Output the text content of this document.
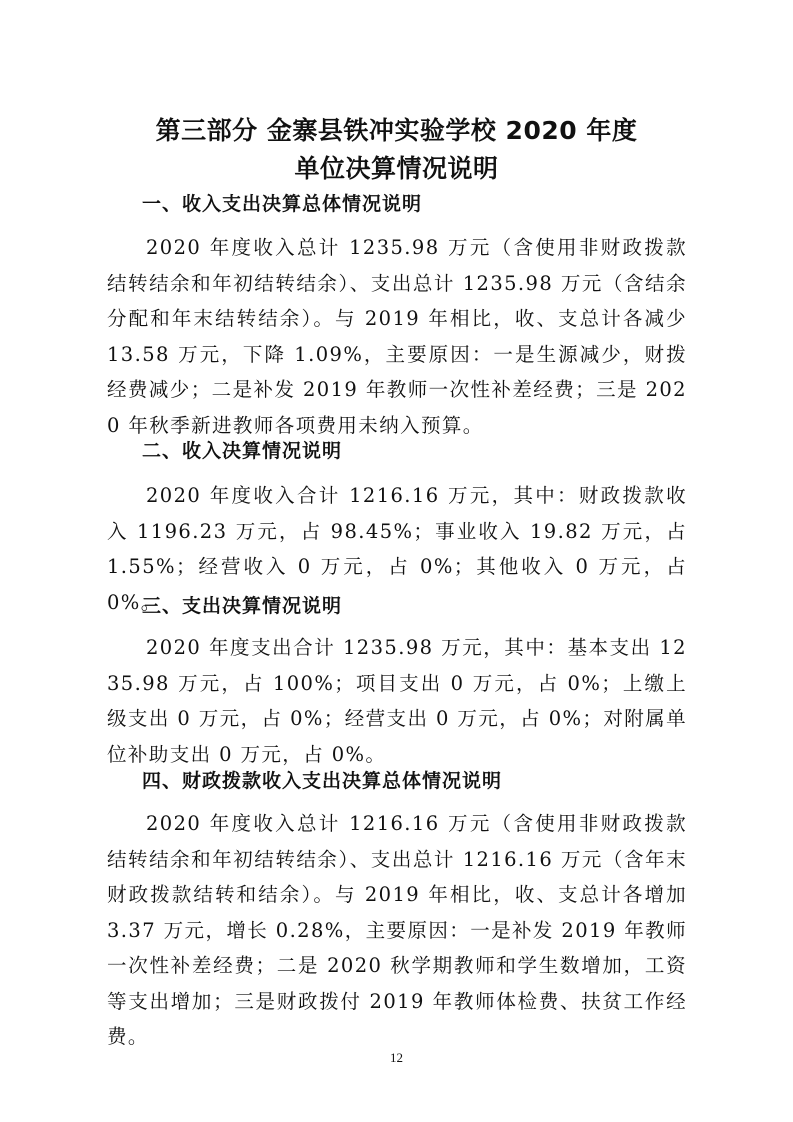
第三部分 金寨县铁冲实验学校 2020 年度
单位决算情况说明
一、收入支出决算总体情况说明
2020 年度收入总计 1235.98 万元（含使用非财政拨款结转结余和年初结转结余）、支出总计 1235.98 万元（含结余分配和年末结转结余）。与 2019 年相比，收、支总计各减少 13.58 万元，下降 1.09%，主要原因：一是生源减少，财拨经费减少；二是补发 2019 年教师一次性补差经费；三是 2020 年秋季新进教师各项费用未纳入预算。
二、收入决算情况说明
2020 年度收入合计 1216.16 万元，其中：财政拨款收入 1196.23 万元，占 98.45%；事业收入 19.82 万元，占 1.55%；经营收入 0 万元，占 0%；其他收入 0 万元，占 0%。
三、支出决算情况说明
2020 年度支出合计 1235.98 万元，其中：基本支出 1235.98 万元，占 100%；项目支出 0 万元，占 0%；上缴上级支出 0 万元，占 0%；经营支出 0 万元，占 0%；对附属单位补助支出 0 万元，占 0%。
四、财政拨款收入支出决算总体情况说明
2020 年度收入总计 1216.16 万元（含使用非财政拨款结转结余和年初结转结余）、支出总计 1216.16 万元（含年末财政拨款结转和结余）。与 2019 年相比，收、支总计各增加 3.37 万元，增长 0.28%，主要原因：一是补发 2019 年教师一次性补差经费；二是 2020 秋学期教师和学生数增加，工资等支出增加；三是财政拨付 2019 年教师体检费、扶贫工作经费。
12
